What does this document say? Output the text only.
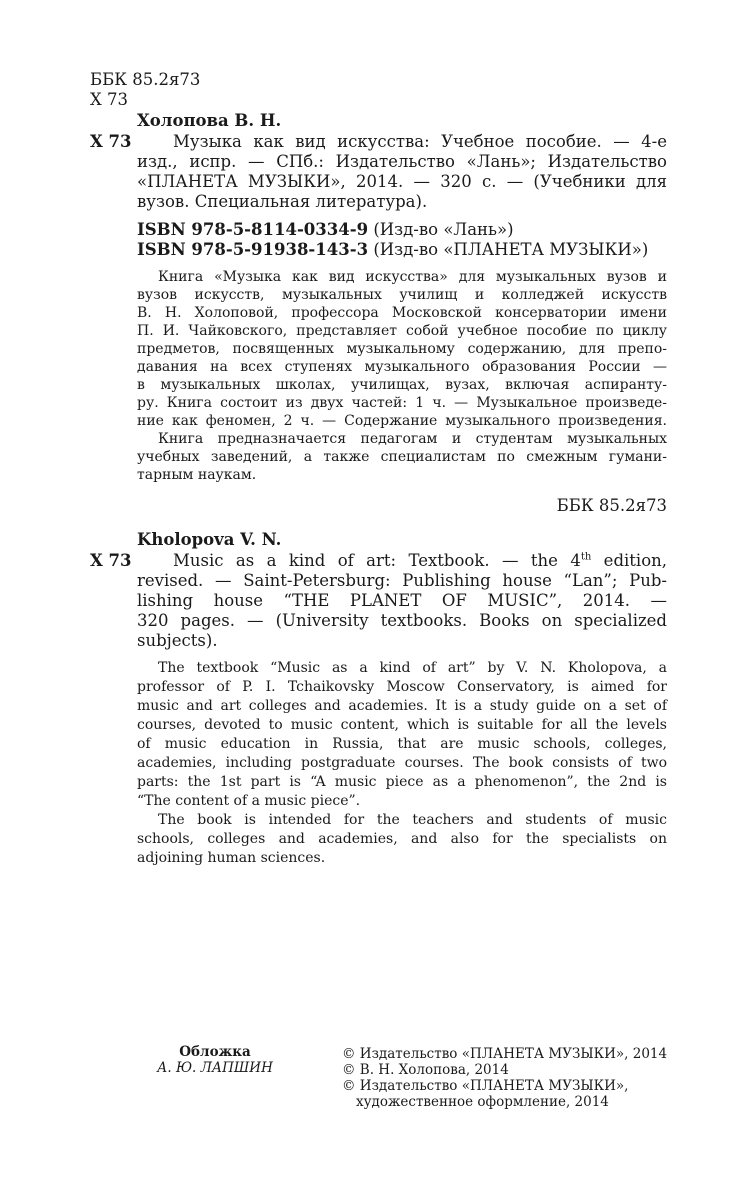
ББК 85.2я73
Х 73
Холопова В. Н.
Х 73	Музыка как вид искусства: Учебное пособие. — 4-е
изд., испр. — СПб.: Издательство «Лань»; Издательство
«ПЛАНЕТА МУЗЫКИ», 2014. — 320 с. — (Учебники для
вузов. Специальная литература).
ISBN 978-5-8114-0334-9 (Изд-во «Лань»)
ISBN 978-5-91938-143-3 (Изд-во «ПЛАНЕТА МУЗЫКИ»)
Книга «Музыка как вид искусства» для музыкальных вузов и
вузов искусств, музыкальных училищ и колледжей искусств
В. Н. Холоповой, профессора Московской консерватории имени
П. И. Чайковского, представляет собой учебное пособие по циклу
предметов, посвященных музыкальному содержанию, для препо-
давания на всех ступенях музыкального образования России —
в музыкальных школах, училищах, вузах, включая аспиранту-
ру. Книга состоит из двух частей: 1 ч. — Музыкальное произведе-
ние как феномен, 2 ч. — Содержание музыкального произведения.
Книга предназначается педагогам и студентам музыкальных
учебных заведений, а также специалистам по смежным гумани-
тарным наукам.
ББК 85.2я73
Kholopova V. N.
Х 73	Music as a kind of art: Textbook. — the 4th edition,
revised. — Saint-Petersburg: Publishing house “Lan”; Pub-
lishing house “THE PLANET OF MUSIC”, 2014. —
320 pages. — (University textbooks. Books on specialized
subjects).
The textbook “Music as a kind of art” by V. N. Kholopova, a
professor of P. I. Tchaikovsky Moscow Conservatory, is aimed for
music and art colleges and academies. It is a study guide on a set of
courses, devoted to music content, which is suitable for all the levels
of music education in Russia, that are music schools, colleges,
academies, including postgraduate courses. The book consists of two
parts: the 1st part is “A music piece as a phenomenon”, the 2nd is
“The content of a music piece”.
The book is intended for the teachers and students of music
schools, colleges and academies, and also for the specialists on
adjoining human sciences.
Обложка
А. Ю. ЛАПШИН
© Издательство «ПЛАНЕТА МУЗЫКИ», 2014
© В. Н. Холопова, 2014
© Издательство «ПЛАНЕТА МУЗЫКИ»,
художественное оформление, 2014
